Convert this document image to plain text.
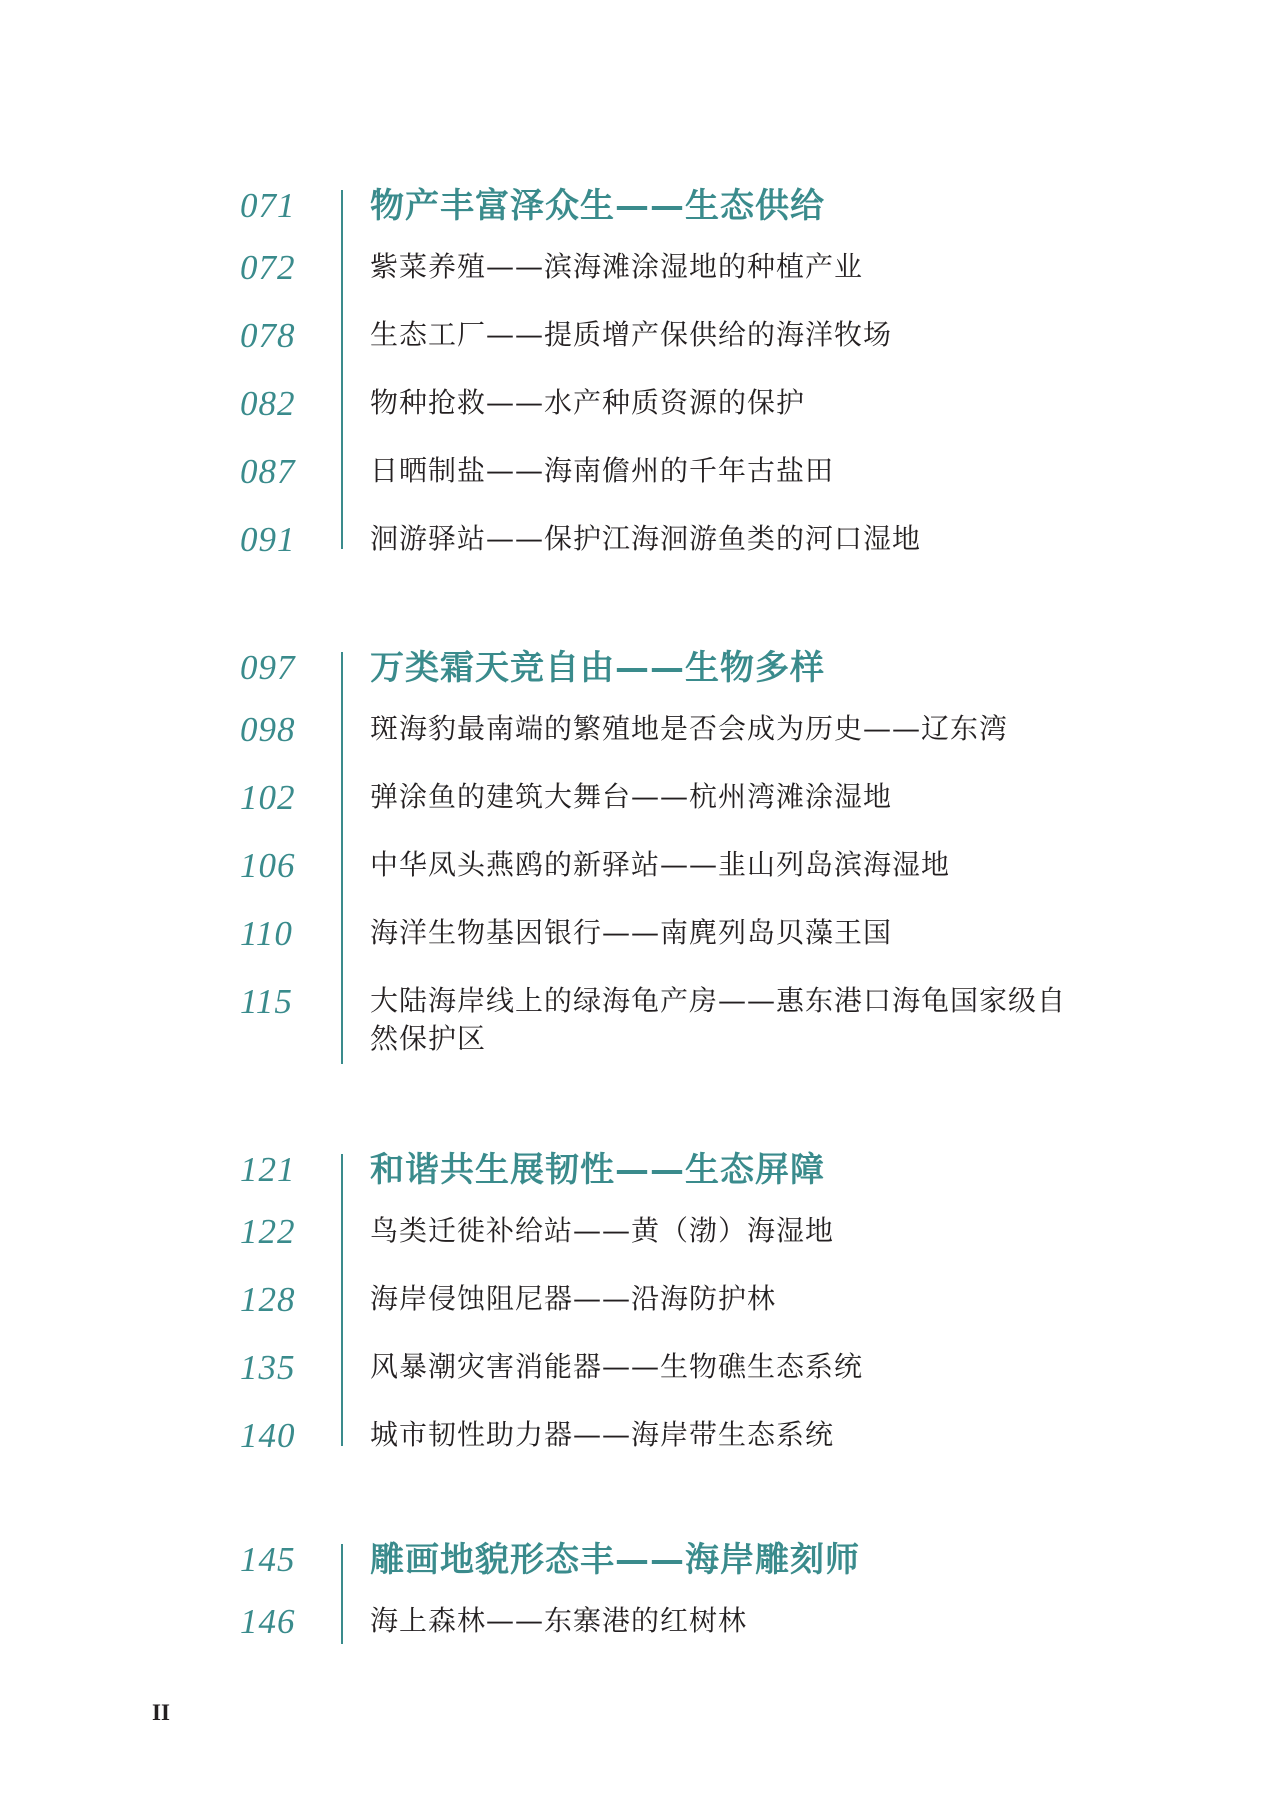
071	物产丰富泽众生——生态供给
072	紫菜养殖——滨海滩涂湿地的种植产业
078	生态工厂——提质增产保供给的海洋牧场
082	物种抢救——水产种质资源的保护
087	日晒制盐——海南儋州的千年古盐田
091	洄游驿站——保护江海洄游鱼类的河口湿地
097	万类霜天竞自由——生物多样
098	斑海豹最南端的繁殖地是否会成为历史——辽东湾
102	弹涂鱼的建筑大舞台——杭州湾滩涂湿地
106	中华凤头燕鸥的新驿站——韭山列岛滨海湿地
110	海洋生物基因银行——南麂列岛贝藻王国
115	大陆海岸线上的绿海龟产房——惠东港口海龟国家级自然保护区
121	和谐共生展韧性——生态屏障
122	鸟类迁徙补给站——黄（渤）海湿地
128	海岸侵蚀阻尼器——沿海防护林
135	风暴潮灾害消能器——生物礁生态系统
140	城市韧性助力器——海岸带生态系统
145	雕画地貌形态丰——海岸雕刻师
146	海上森林——东寨港的红树林
II
